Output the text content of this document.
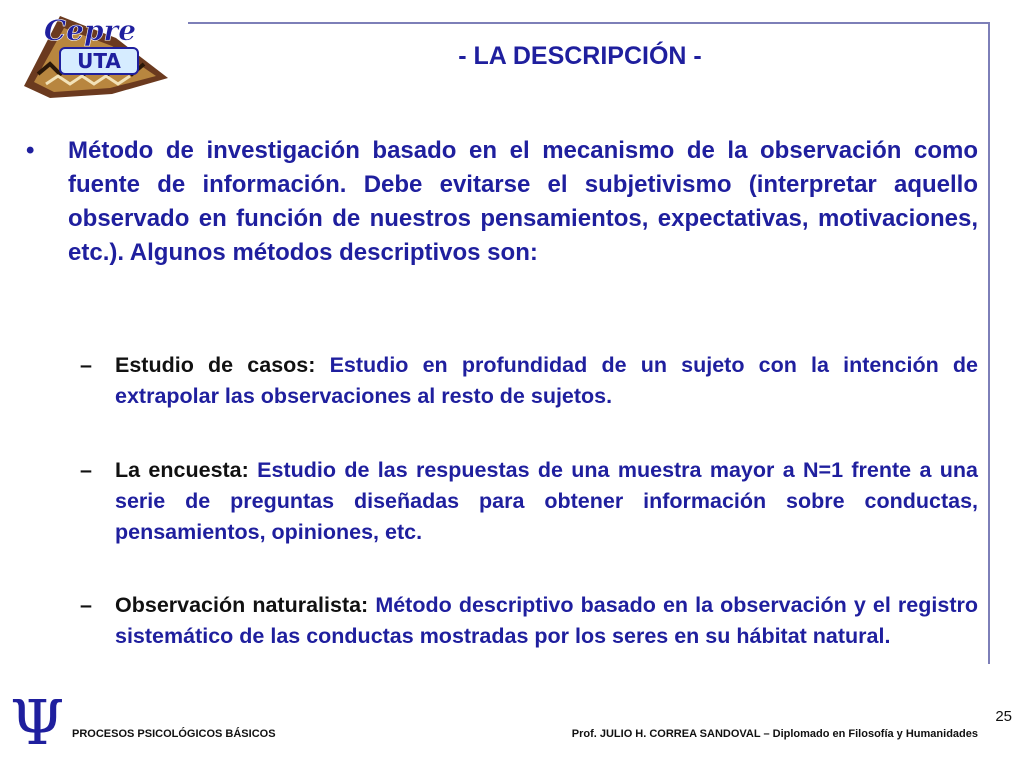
UTA
Cepre
- LA DESCRIPCIÓN -
•	Método de investigación basado en el mecanismo de la observación como fuente de información. Debe evitarse el subjetivismo (interpretar aquello observado en función de nuestros pensamientos, expectativas, motivaciones, etc.). Algunos métodos descriptivos son:
– Estudio de casos: Estudio en profundidad de un sujeto con la intención de extrapolar las observaciones al resto de sujetos.
– La encuesta: Estudio de las respuestas de una muestra mayor a N=1 frente a una serie de preguntas diseñadas para obtener información sobre conductas, pensamientos, opiniones, etc.
– Observación naturalista: Método descriptivo basado en la observación y el registro sistemático de las conductas mostradas por los seres en su hábitat natural.
Ψ PROCESOS PSICOLÓGICOS BÁSICOS	Prof. JULIO H. CORREA SANDOVAL – Diplomado en Filosofía y Humanidades
25
